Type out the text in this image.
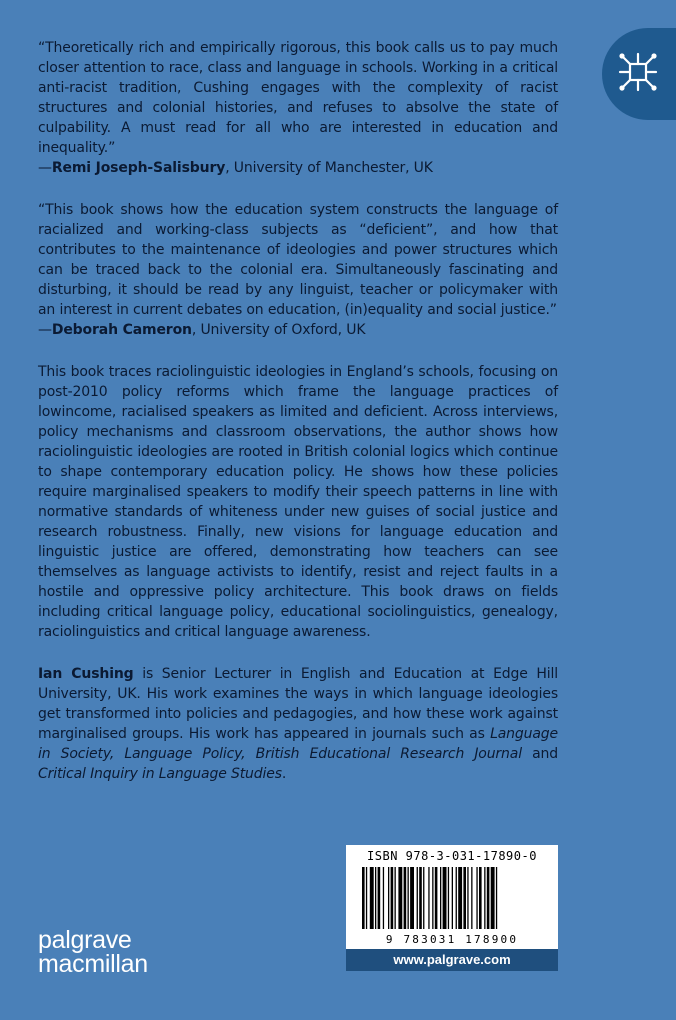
“Theoretically rich and empirically rigorous, this book calls us to pay much closer attention to race, class and language in schools. Working in a critical anti-racist tradition, Cushing engages with the complexity of racist structures and colonial histories, and refuses to absolve the state of culpability. A must read for all who are interested in education and inequality.”
—Remi Joseph-Salisbury, University of Manchester, UK

“This book shows how the education system constructs the language of racialized and working-class subjects as “deficient”, and how that contributes to the maintenance of ideologies and power structures which can be traced back to the colonial era. Simultaneously fascinating and disturbing, it should be read by any linguist, teacher or policymaker with an interest in current debates on education, (in)equality and social justice.”
—Deborah Cameron, University of Oxford, UK

This book traces raciolinguistic ideologies in England’s schools, focusing on post-2010 policy reforms which frame the language practices of lowincome, racialised speakers as limited and deficient. Across interviews, policy mechanisms and classroom observations, the author shows how raciolinguistic ideologies are rooted in British colonial logics which continue to shape contemporary education policy. He shows how these policies require marginalised speakers to modify their speech patterns in line with normative standards of whiteness under new guises of social justice and research robustness. Finally, new visions for language education and linguistic justice are offered, demonstrating how teachers can see themselves as language activists to identify, resist and reject faults in a hostile and oppressive policy architecture. This book draws on fields including critical language policy, educational sociolinguistics, genealogy, raciolinguistics and critical language awareness.

Ian Cushing is Senior Lecturer in English and Education at Edge Hill University, UK. His work examines the ways in which language ideologies get transformed into policies and pedagogies, and how these work against marginalised groups. His work has appeared in journals such as Language in Society, Language Policy, British Educational Research Journal and Critical Inquiry in Language Studies.

ISBN 978-3-031-17890-0
9 783031 178900
www.palgrave.com
palgrave
macmillan
